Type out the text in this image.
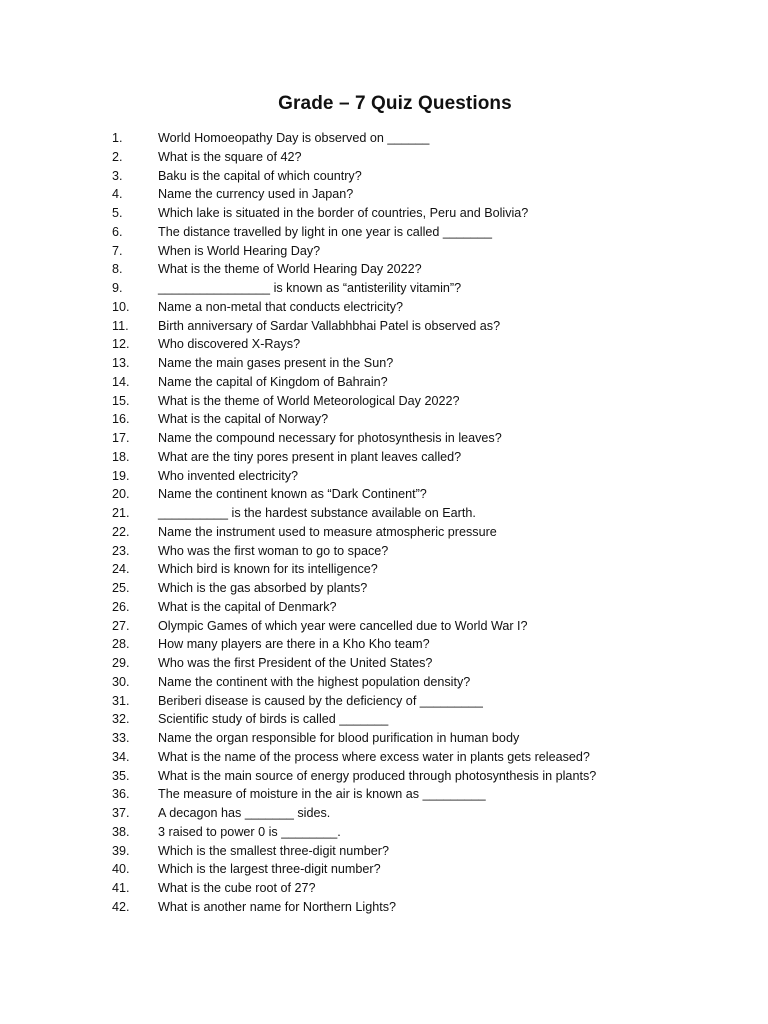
Grade – 7 Quiz Questions
1.	World Homoeopathy Day is observed on ______
2.	What is the square of 42?
3.	Baku is the capital of which country?
4.	Name the currency used in Japan?
5.	Which lake is situated in the border of countries, Peru and Bolivia?
6.	The distance travelled by light in one year is called _______
7.	When is World Hearing Day?
8.	What is the theme of World Hearing Day 2022?
9.	________________ is known as “antisterility vitamin”?
10.	Name a non-metal that conducts electricity?
11.	Birth anniversary of Sardar Vallabhbhai Patel is observed as?
12.	Who discovered X-Rays?
13.	Name the main gases present in the Sun?
14.	Name the capital of Kingdom of Bahrain?
15.	What is the theme of World Meteorological Day 2022?
16.	What is the capital of Norway?
17.	Name the compound necessary for photosynthesis in leaves?
18.	What are the tiny pores present in plant leaves called?
19.	Who invented electricity?
20.	Name the continent known as “Dark Continent”?
21.	__________ is the hardest substance available on Earth.
22.	Name the instrument used to measure atmospheric pressure
23.	Who was the first woman to go to space?
24.	Which bird is known for its intelligence?
25.	Which is the gas absorbed by plants?
26.	What is the capital of Denmark?
27.	Olympic Games of which year were cancelled due to World War I?
28.	How many players are there in a Kho Kho team?
29.	Who was the first President of the United States?
30.	Name the continent with the highest population density?
31.	Beriberi disease is caused by the deficiency of _________
32.	Scientific study of birds is called _______
33.	Name the organ responsible for blood purification in human body
34.	What is the name of the process where excess water in plants gets released?
35.	What is the main source of energy produced through photosynthesis in plants?
36.	The measure of moisture in the air is known as _________
37.	A decagon has _______ sides.
38.	3 raised to power 0 is ________.
39.	Which is the smallest three-digit number?
40.	Which is the largest three-digit number?
41.	What is the cube root of 27?
42.	What is another name for Northern Lights?
